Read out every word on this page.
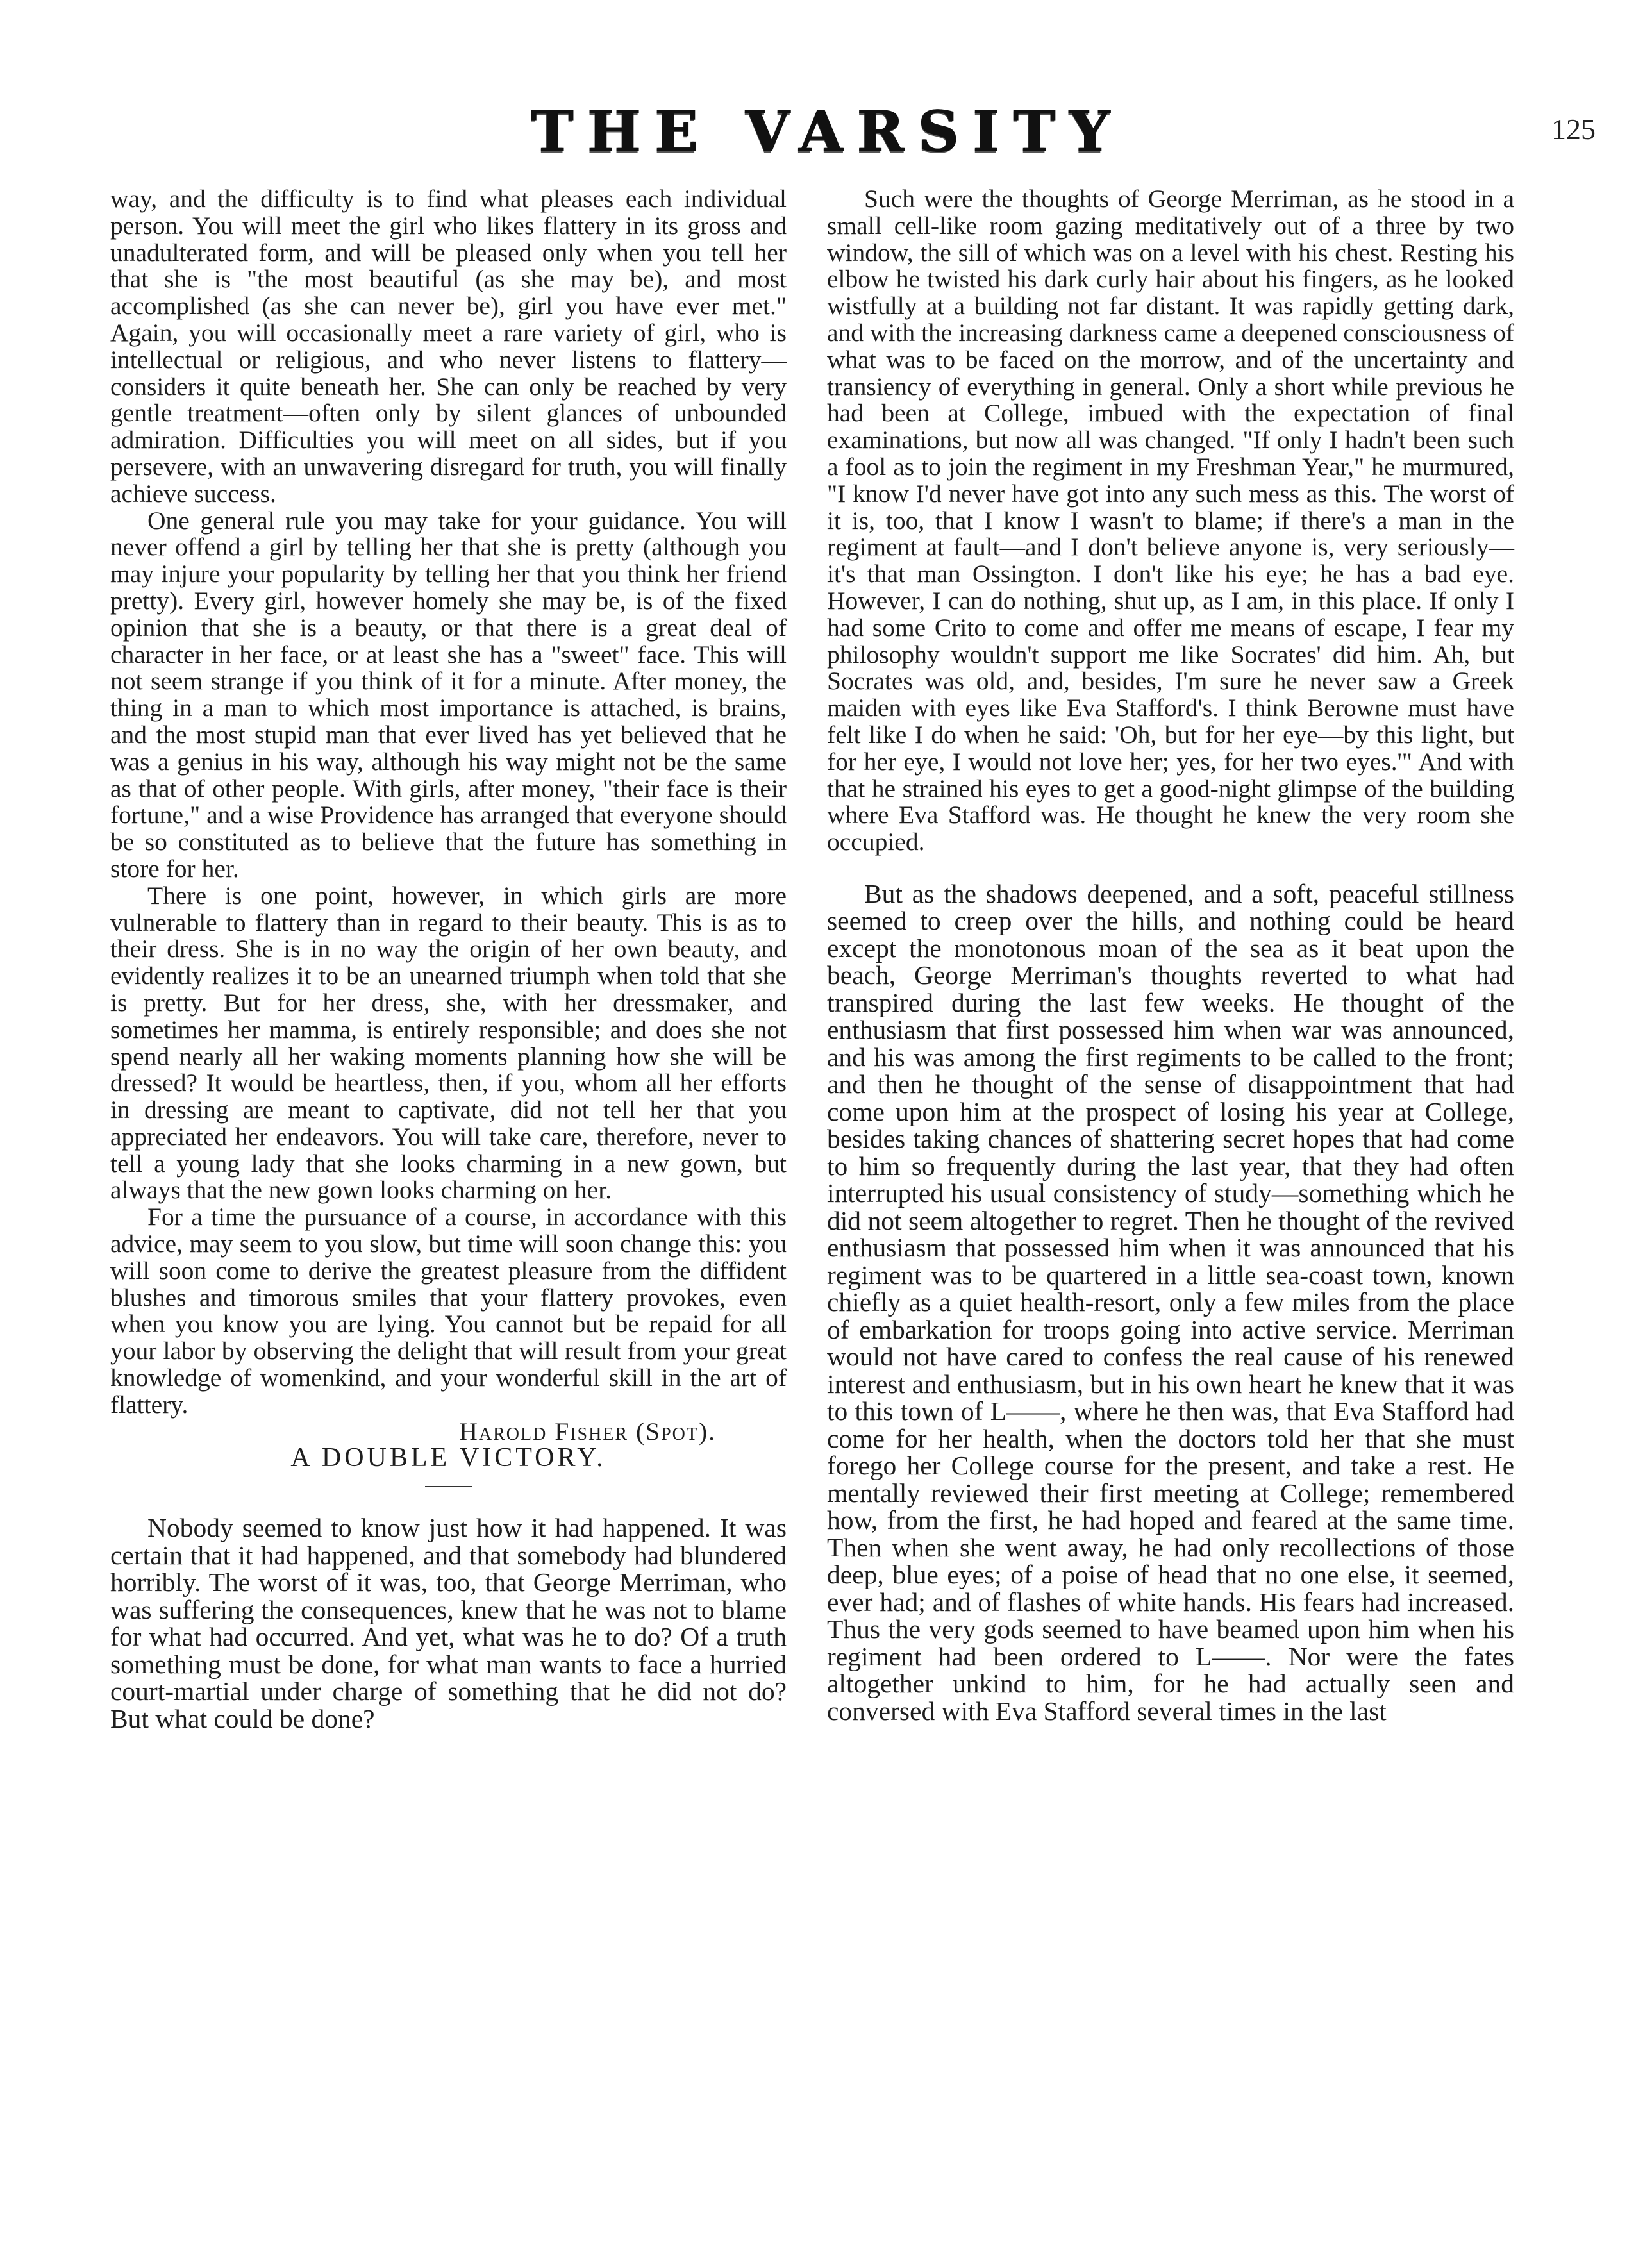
THE VARSITY	125

way, and the difficulty is to find what pleases each individual person. You will meet the girl who likes flattery in its gross and unadulterated form, and will be pleased only when you tell her that she is "the most beautiful (as she may be), and most accomplished (as she can never be), girl you have ever met." Again, you will occasionally meet a rare variety of girl, who is intellectual or religious, and who never listens to flattery—considers it quite beneath her. She can only be reached by very gentle treatment—often only by silent glances of unbounded admiration. Difficulties you will meet on all sides, but if you persevere, with an unwavering disregard for truth, you will finally achieve success.

One general rule you may take for your guidance. You will never offend a girl by telling her that she is pretty (although you may injure your popularity by telling her that you think her friend pretty). Every girl, however homely she may be, is of the fixed opinion that she is a beauty, or that there is a great deal of character in her face, or at least she has a "sweet" face. This will not seem strange if you think of it for a minute. After money, the thing in a man to which most importance is attached, is brains, and the most stupid man that ever lived has yet believed that he was a genius in his way, although his way might not be the same as that of other people. With girls, after money, "their face is their fortune," and a wise Providence has arranged that everyone should be so constituted as to believe that the future has something in store for her.

There is one point, however, in which girls are more vulnerable to flattery than in regard to their beauty. This is as to their dress. She is in no way the origin of her own beauty, and evidently realizes it to be an unearned triumph when told that she is pretty. But for her dress, she, with her dressmaker, and sometimes her mamma, is entirely responsible; and does she not spend nearly all her waking moments planning how she will be dressed? It would be heartless, then, if you, whom all her efforts in dressing are meant to captivate, did not tell her that you appreciated her endeavors. You will take care, therefore, never to tell a young lady that she looks charming in a new gown, but always that the new gown looks charming on her.

For a time the pursuance of a course, in accordance with this advice, may seem to you slow, but time will soon change this: you will soon come to derive the greatest pleasure from the diffident blushes and timorous smiles that your flattery provokes, even when you know you are lying. You cannot but be repaid for all your labor by observing the delight that will result from your great knowledge of womenkind, and your wonderful skill in the art of flattery.

Harold Fisher (Spot).

A DOUBLE VICTORY.

Nobody seemed to know just how it had happened. It was certain that it had happened, and that somebody had blundered horribly. The worst of it was, too, that George Merriman, who was suffering the consequences, knew that he was not to blame for what had occurred. And yet, what was he to do? Of a truth something must be done, for what man wants to face a hurried court-martial under charge of something that he did not do? But what could be done?

Such were the thoughts of George Merriman, as he stood in a small cell-like room gazing meditatively out of a three by two window, the sill of which was on a level with his chest. Resting his elbow he twisted his dark curly hair about his fingers, as he looked wistfully at a building not far distant. It was rapidly getting dark, and with the increasing darkness came a deepened consciousness of what was to be faced on the morrow, and of the uncertainty and transiency of everything in general. Only a short while previous he had been at College, imbued with the expectation of final examinations, but now all was changed. "If only I hadn't been such a fool as to join the regiment in my Freshman Year," he murmured, "I know I'd never have got into any such mess as this. The worst of it is, too, that I know I wasn't to blame; if there's a man in the regiment at fault—and I don't believe anyone is, very seriously—it's that man Ossington. I don't like his eye; he has a bad eye. However, I can do nothing, shut up, as I am, in this place. If only I had some Crito to come and offer me means of escape, I fear my philosophy wouldn't support me like Socrates' did him. Ah, but Socrates was old, and, besides, I'm sure he never saw a Greek maiden with eyes like Eva Stafford's. I think Berowne must have felt like I do when he said: 'Oh, but for her eye—by this light, but for her eye, I would not love her; yes, for her two eyes.'" And with that he strained his eyes to get a good-night glimpse of the building where Eva Stafford was. He thought he knew the very room she occupied.

But as the shadows deepened, and a soft, peaceful stillness seemed to creep over the hills, and nothing could be heard except the monotonous moan of the sea as it beat upon the beach, George Merriman's thoughts reverted to what had transpired during the last few weeks. He thought of the enthusiasm that first possessed him when war was announced, and his was among the first regiments to be called to the front; and then he thought of the sense of disappointment that had come upon him at the prospect of losing his year at College, besides taking chances of shattering secret hopes that had come to him so frequently during the last year, that they had often interrupted his usual consistency of study—something which he did not seem altogether to regret. Then he thought of the revived enthusiasm that possessed him when it was announced that his regiment was to be quartered in a little sea-coast town, known chiefly as a quiet health-resort, only a few miles from the place of embarkation for troops going into active service. Merriman would not have cared to confess the real cause of his renewed interest and enthusiasm, but in his own heart he knew that it was to this town of L——, where he then was, that Eva Stafford had come for her health, when the doctors told her that she must forego her College course for the present, and take a rest. He mentally reviewed their first meeting at College; remembered how, from the first, he had hoped and feared at the same time. Then when she went away, he had only recollections of those deep, blue eyes; of a poise of head that no one else, it seemed, ever had; and of flashes of white hands. His fears had increased. Thus the very gods seemed to have beamed upon him when his regiment had been ordered to L——. Nor were the fates altogether unkind to him, for he had actually seen and conversed with Eva Stafford several times in the last
